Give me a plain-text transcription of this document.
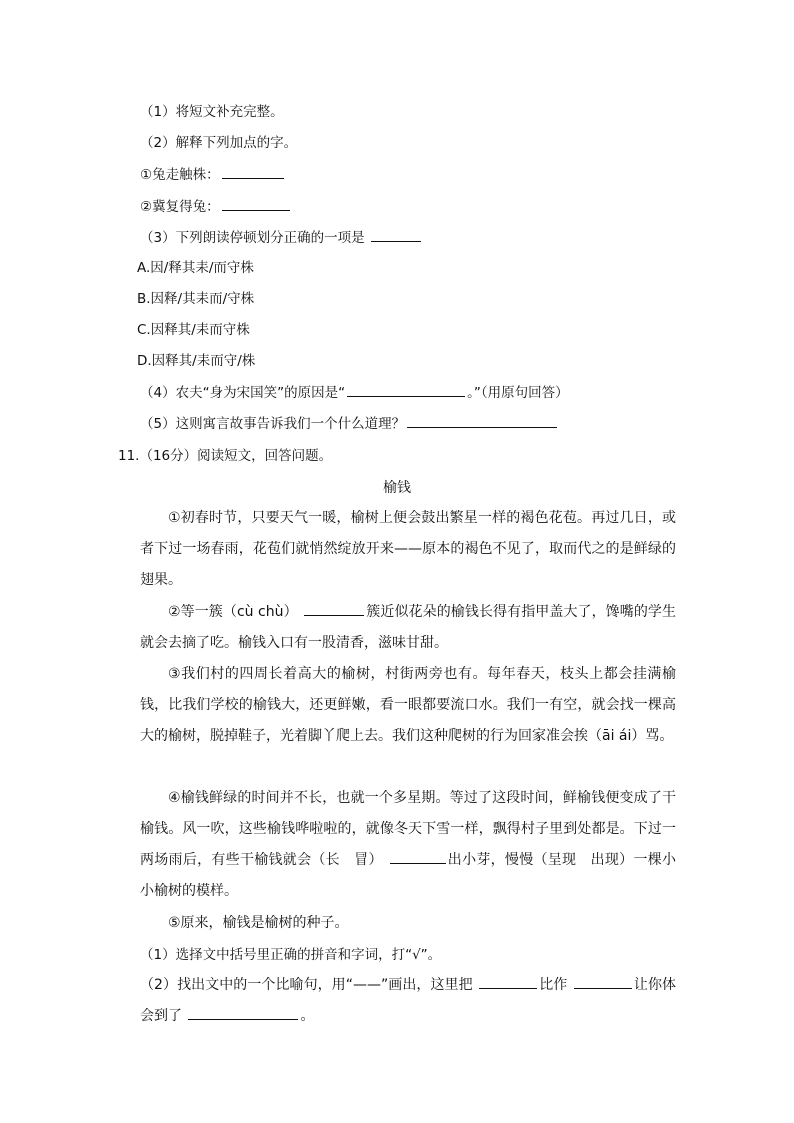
（1）将短文补充完整。
（2）解释下列加点的字。
①兔走触株：
②冀复得兔：
（3）下列朗读停顿划分正确的一项是
A.因/释其耒/而守株
B.因释/其耒而/守株
C.因释其/耒而守株
D.因释其/耒而守/株
（4）农夫“身为宋国笑”的原因是“	。”（用原句回答）
（5）这则寓言故事告诉我们一个什么道理？
11.（16分）阅读短文，回答问题。
榆钱

①初春时节，只要天气一暖，榆树上便会鼓出繁星一样的褐色花苞。再过几日，或者下过一场春雨，花苞们就悄然绽放开来——原本的褐色不见了，取而代之的是鲜绿的翅果。

②等一簇（cù chù）	簇近似花朵的榆钱长得有指甲盖大了，馋嘴的学生就会去摘了吃。榆钱入口有一股清香，滋味甘甜。

③我们村的四周长着高大的榆树，村街两旁也有。每年春天，枝头上都会挂满榆钱，比我们学校的榆钱大，还更鲜嫩，看一眼都要流口水。我们一有空，就会找一棵高大的榆树，脱掉鞋子，光着脚丫爬上去。我们这种爬树的行为回家准会挨（āi ái）骂。

④榆钱鲜绿的时间并不长，也就一个多星期。等过了这段时间，鲜榆钱便变成了干榆钱。风一吹，这些榆钱哗啦啦的，就像冬天下雪一样，飘得村子里到处都是。下过一两场雨后，有些干榆钱就会（长　冒）	出小芽，慢慢（呈现　出现）一棵小小榆树的模样。

⑤原来，榆钱是榆树的种子。

（1）选择文中括号里正确的拼音和字词，打“√”。

（2）找出文中的一个比喻句，用“——”画出，这里把	比作	让你体会到了	。
